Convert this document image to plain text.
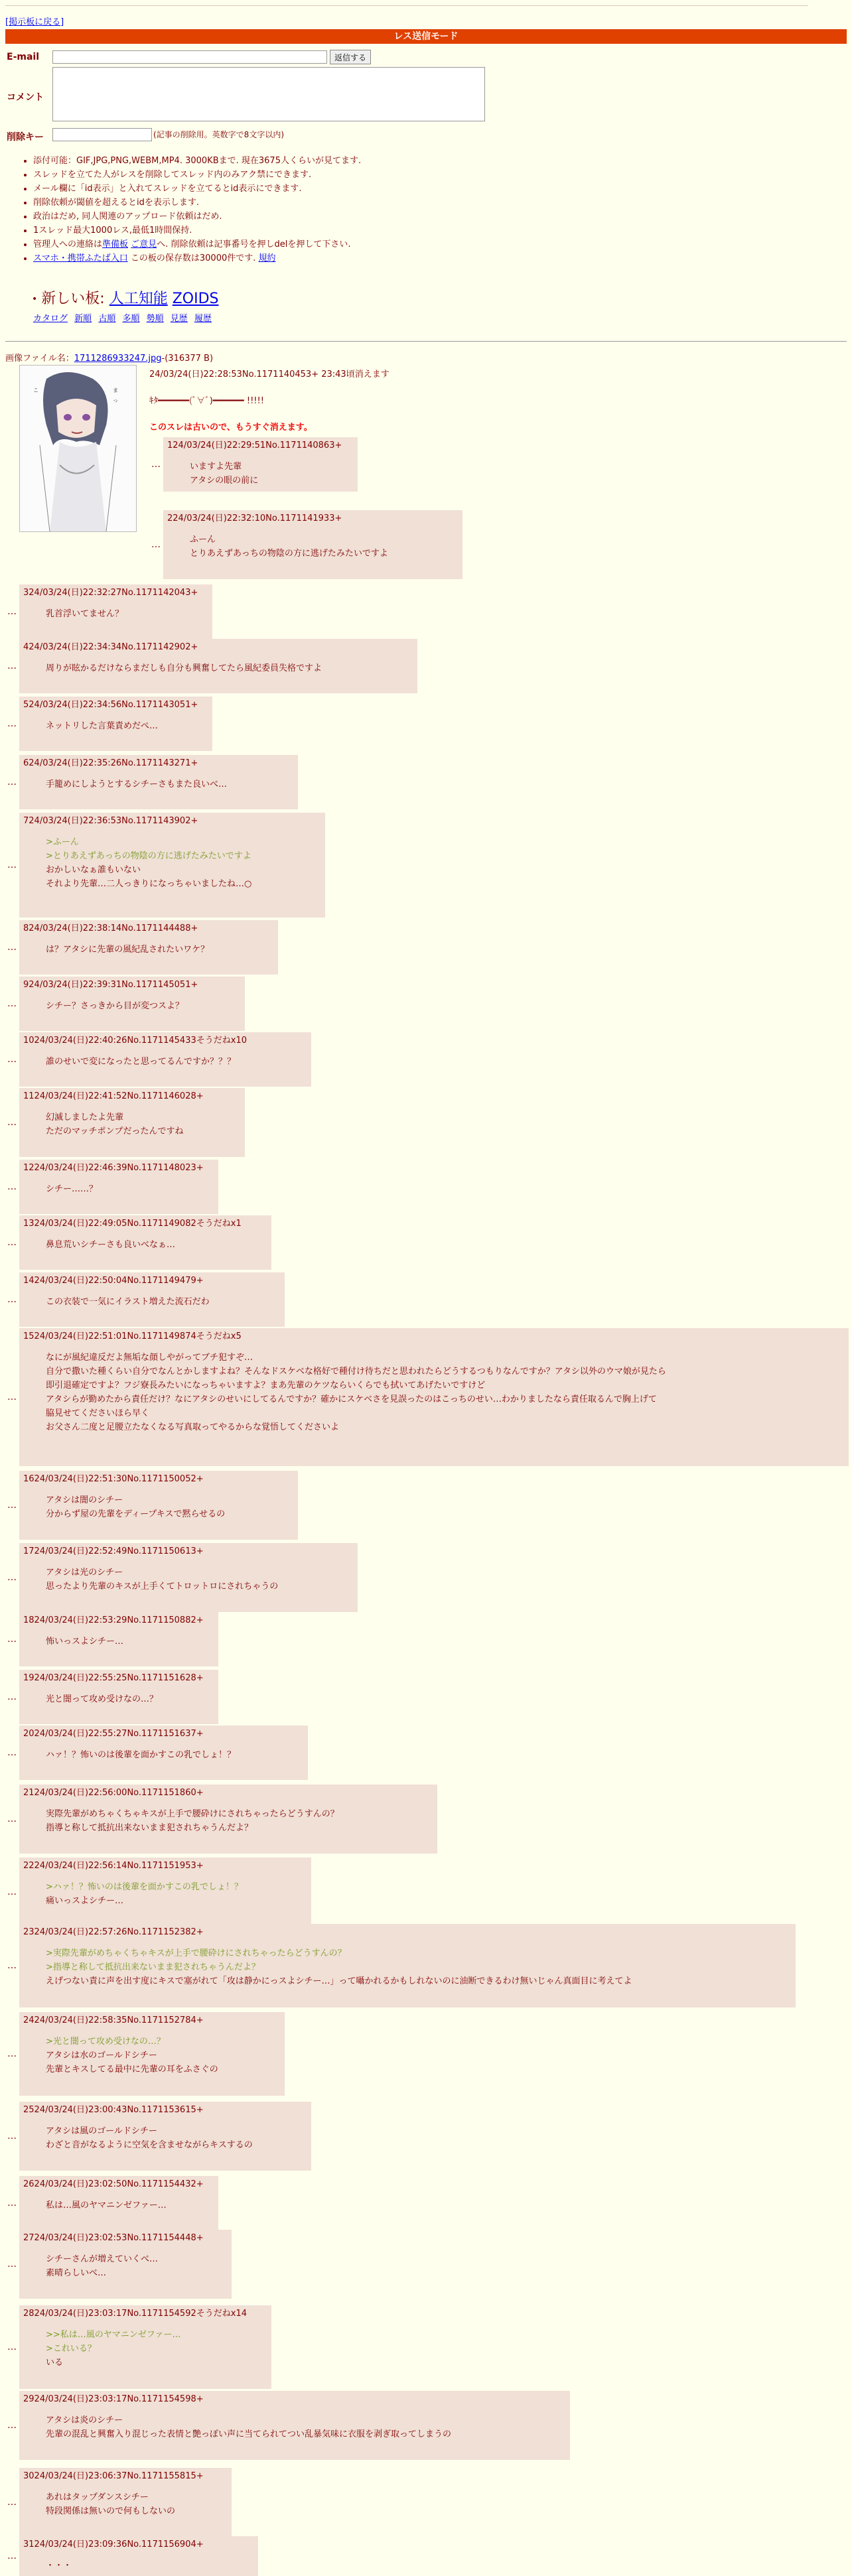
[掲示板に戻る]
レス送信モード
E-mail	返信する
コメント
削除キー	(記事の削除用。英数字で8文字以内)
• 添付可能：GIF,JPG,PNG,WEBM,MP4. 3000KBまで. 現在3675人くらいが見てます.
• スレッドを立てた人がレスを削除してスレッド内のみアク禁にできます.
• メール欄に「id表示」と入れてスレッドを立てるとid表示にできます.
• 削除依頼が閾値を超えるとidを表示します.
• 政治はだめ, 同人関連のアップロード依頼はだめ.
• 1スレッド最大1000レス,最低1時間保持.
• 管理人への連絡は準備板 ご意見へ. 削除依頼は記事番号を押しdelを押して下さい.
• スマホ・携帯ふたば入口 この板の保存数は30000件です. 規約
• 新しい板: 人工知能 ZOIDS
カタログ 新順 古順 多順 勢順 見歴 履歴
画像ファイル名：1711286933247.jpg-(316377 B)
ま
っ
こ
24/03/24(日)22:28:53No.1171140453+ 23:43頃消えます
ｷﾀ━━━━━━(ﾟ∀ﾟ)━━━━━━ !!!!!
このスレは古いので、もうすぐ消えます。
…
124/03/24(日)22:29:51No.1171140863+
いますよ先輩
アタシの眼の前に
…
224/03/24(日)22:32:10No.1171141933+
ふーん
とりあえずあっちの物陰の方に逃げたみたいですよ
…
324/03/24(日)22:32:27No.1171142043+
乳首浮いてません？
…
424/03/24(日)22:34:34No.1171142902+
周りが眩かるだけならまだしも自分も興奮してたら風紀委員失格ですよ
…
524/03/24(日)22:34:56No.1171143051+
ネットリした言葉責めだぺ…
…
624/03/24(日)22:35:26No.1171143271+
手籠めにしようとするシチーさもまた良いべ…
…
724/03/24(日)22:36:53No.1171143902+
>ふーん
>とりあえずあっちの物陰の方に逃げたみたいですよ
おかしいなぁ誰もいない
それより先輩…二人っきりになっちゃいましたね…○
…
824/03/24(日)22:38:14No.1171144488+
は？アタシに先輩の風紀乱されたいワケ？
…
924/03/24(日)22:39:31No.1171145051+
シチー？さっきから目が変つスよ？
…
1024/03/24(日)22:40:26No.1171145433そうだねx10
誰のせいで変になったと思ってるんですか？？？
…
1124/03/24(日)22:41:52No.1171146028+
幻滅しましたよ先輩
ただのマッチポンプだったんですね
…
1224/03/24(日)22:46:39No.1171148023+
シチー……？
…
1324/03/24(日)22:49:05No.1171149082そうだねx1
鼻息荒いシチーさも良いべなぁ…
…
1424/03/24(日)22:50:04No.1171149479+
この衣装で一気にイラスト増えた流石だわ
…
1524/03/24(日)22:51:01No.1171149874そうだねx5
なにが風紀違反だよ無垢な顔しやがってブチ犯すぞ…
自分で撒いた種くらい自分でなんとかしますよね？そんなドスケベな格好で種付け待ちだと思われたらどうするつもりなんですか？アタシ以外のウマ娘が見たら
即引退確定ですよ？フジ寮長みたいになっちゃいますよ？まあ先輩のケツならいくらでも拭いてあげたいですけど
アタシらが勤めたから責任だけ？なにアタシのせいにしてるんですか？確かにスケベさを見誤ったのはこっちのせい…わかりましたなら責任取るんで胸上げて
脇見せてくださいほら早く
お父さん二度と足腰立たなくなる写真取ってやるからな覚悟してくださいよ
…
1624/03/24(日)22:51:30No.1171150052+
アタシは闇のシチー
分からず屋の先輩をディープキスで黙らせるの
…
1724/03/24(日)22:52:49No.1171150613+
アタシは光のシチー
思ったより先輩のキスが上手くてトロットロにされちゃうの
…
1824/03/24(日)22:53:29No.1171150882+
怖いっスよシチー…
…
1924/03/24(日)22:55:25No.1171151628+
光と闇って攻め受けなの…？
…
2024/03/24(日)22:55:27No.1171151637+
ハァ！？怖いのは後輩を面かすこの乳でしょ！？
…
2124/03/24(日)22:56:00No.1171151860+
実際先輩がめちゃくちゃキスが上手で腰砕けにされちゃったらどうすんの？
指導と称して抵抗出来ないまま犯されちゃうんだよ？
…
2224/03/24(日)22:56:14No.1171151953+
>ハァ！？怖いのは後輩を面かすこの乳でしょ！？
痛いっスよシチー…
…
2324/03/24(日)22:57:26No.1171152382+
>実際先輩がめちゃくちゃキスが上手で腰砕けにされちゃったらどうすんの？
>指導と称して抵抗出来ないまま犯されちゃうんだよ？
えげつない責に声を出す度にキスで塞がれて「攻は静かにっスよシチー…」って囁かれるかもしれないのに油断できるわけ無いじゃん真面目に考えてよ
…
2424/03/24(日)22:58:35No.1171152784+
>光と闇って攻め受けなの…？
アタシは水のゴールドシチー
先輩とキスしてる最中に先輩の耳をふさぐの
…
2524/03/24(日)23:00:43No.1171153615+
アタシは風のゴールドシチー
わざと音がなるように空気を含ませながらキスするの
…
2624/03/24(日)23:02:50No.1171154432+
私は…風のヤマニンゼファー…
…
2724/03/24(日)23:02:53No.1171154448+
シチーさんが増えていくべ…
素晴らしいべ…
…
2824/03/24(日)23:03:17No.1171154592そうだねx14
>>私は…風のヤマニンゼファー…
>これいる？
いる
…
2924/03/24(日)23:03:17No.1171154598+
アタシは炎のシチー
先輩の混乱と興奮入り混じった表情と艶っぽい声に当てられてつい乱暴気味に衣服を剥ぎ取ってしまうの
…
3024/03/24(日)23:06:37No.1171155815+
あれはタップダンスシチー
特段関係は無いので何もしないの
…
3124/03/24(日)23:09:36No.1171156904+
・・・
